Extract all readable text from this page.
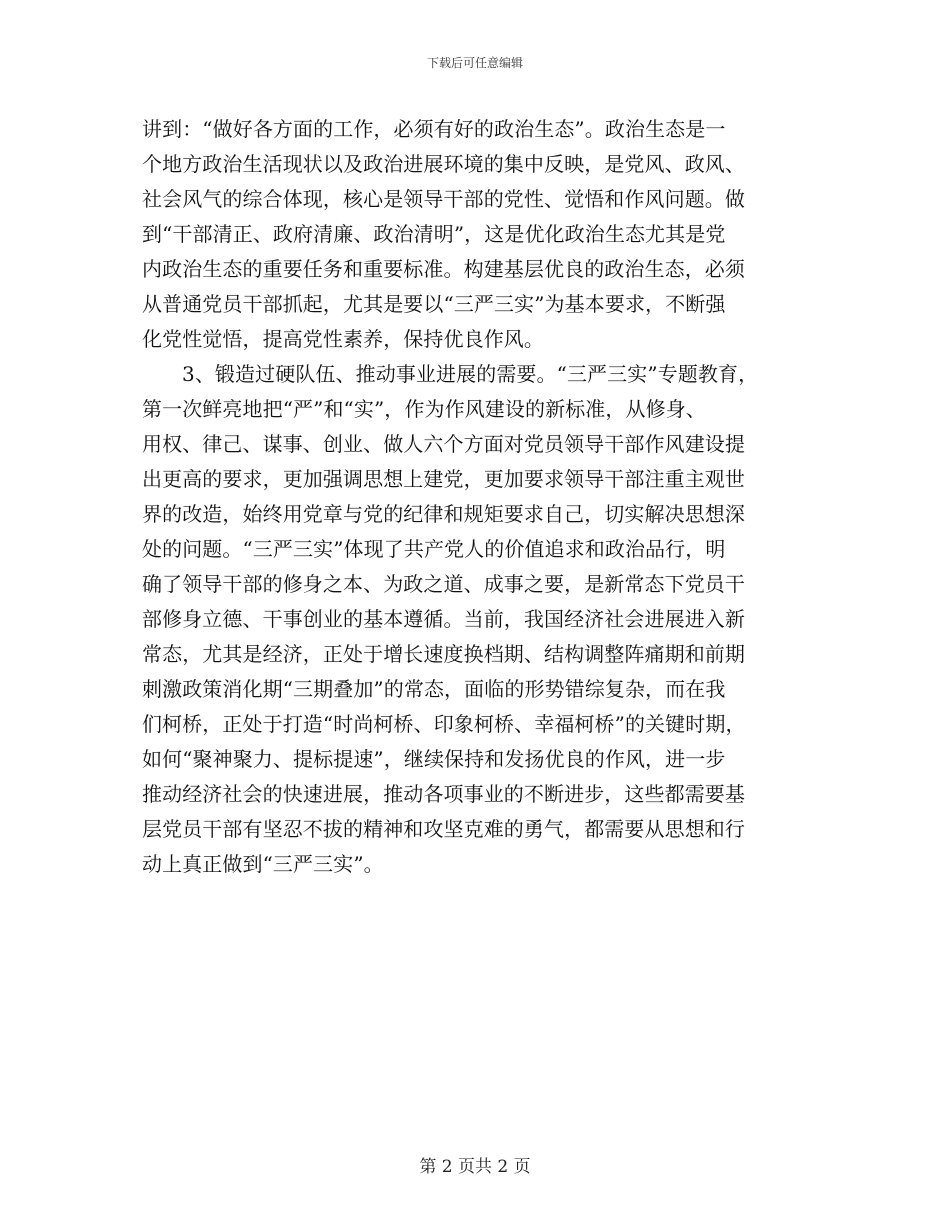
下载后可任意编辑
讲到：“做好各方面的工作，必须有好的政治生态”。政治生态是一
个地方政治生活现状以及政治进展环境的集中反映，是党风、政风、
社会风气的综合体现，核心是领导干部的党性、觉悟和作风问题。做
到“干部清正、政府清廉、政治清明”，这是优化政治生态尤其是党
内政治生态的重要任务和重要标准。构建基层优良的政治生态，必须
从普通党员干部抓起，尤其是要以“三严三实”为基本要求，不断强
化党性觉悟，提高党性素养，保持优良作风。
3、锻造过硬队伍、推动事业进展的需要。“三严三实”专题教育，
第一次鲜亮地把“严”和“实”，作为作风建设的新标准，从修身、
用权、律己、谋事、创业、做人六个方面对党员领导干部作风建设提
出更高的要求，更加强调思想上建党，更加要求领导干部注重主观世
界的改造，始终用党章与党的纪律和规矩要求自己，切实解决思想深
处的问题。“三严三实”体现了共产党人的价值追求和政治品行，明
确了领导干部的修身之本、为政之道、成事之要，是新常态下党员干
部修身立德、干事创业的基本遵循。当前，我国经济社会进展进入新
常态，尤其是经济，正处于增长速度换档期、结构调整阵痛期和前期
刺激政策消化期“三期叠加”的常态，面临的形势错综复杂，而在我
们柯桥，正处于打造“时尚柯桥、印象柯桥、幸福柯桥”的关键时期，
如何“聚神聚力、提标提速”，继续保持和发扬优良的作风，进一步
推动经济社会的快速进展，推动各项事业的不断进步，这些都需要基
层党员干部有坚忍不拔的精神和攻坚克难的勇气，都需要从思想和行
动上真正做到“三严三实”。
第 2 页共 2 页
